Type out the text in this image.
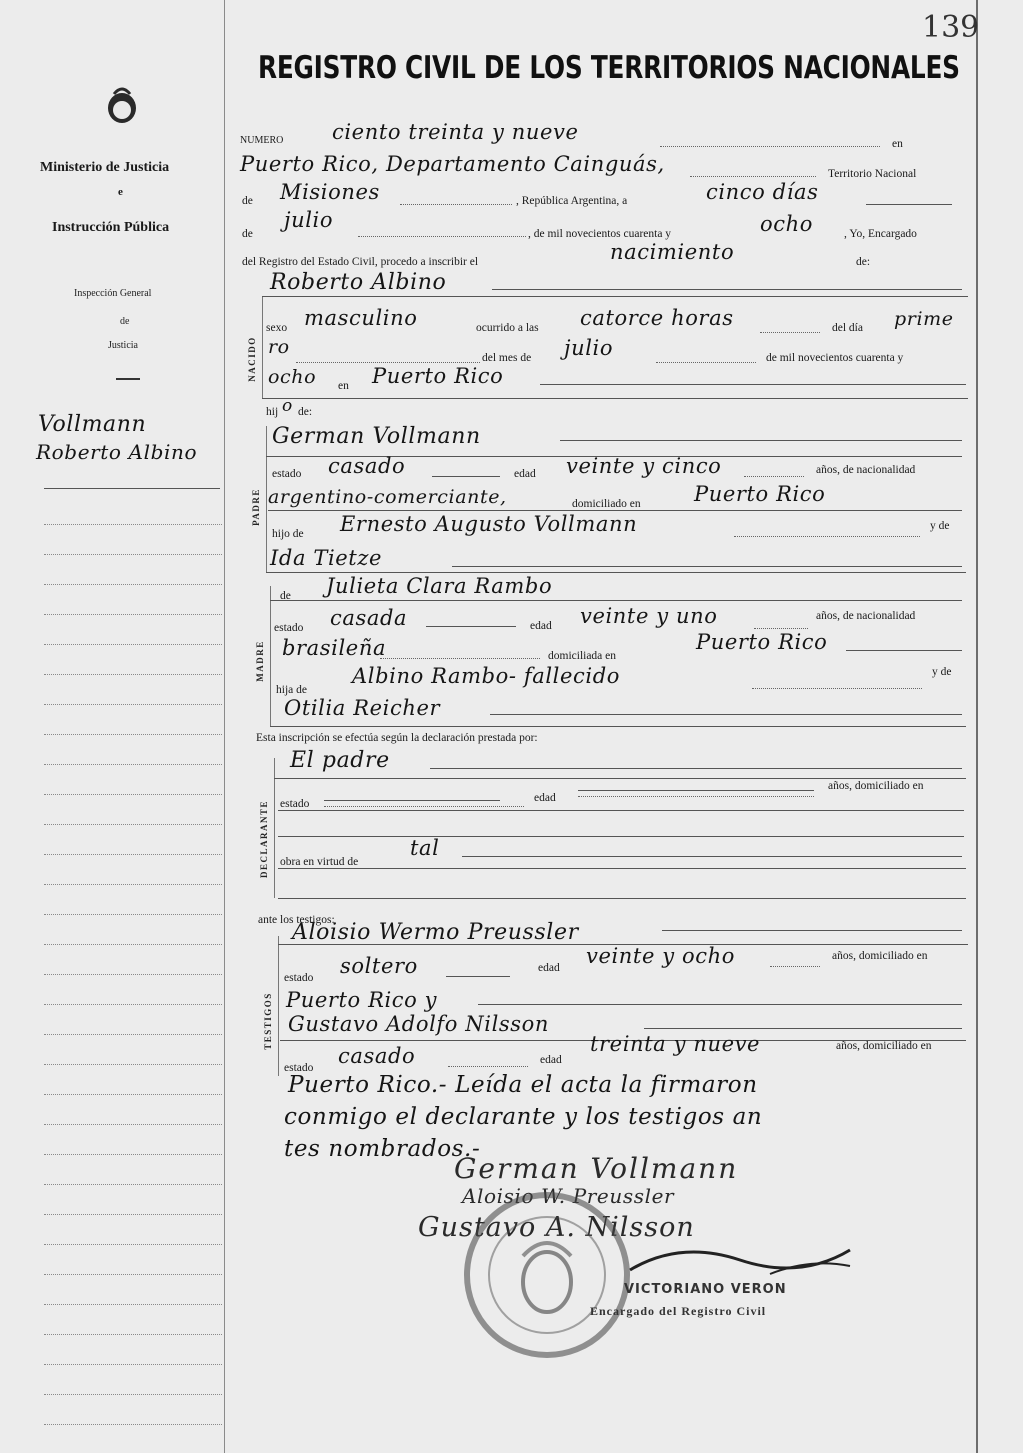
139
REGISTRO CIVIL DE LOS TERRITORIOS NACIONALES
Ministerio de Justicia
e
Instrucción Pública
Inspección General
de
Justicia
Vollmann
Roberto Albino
NUMERO ciento treinta y nueve	en
Puerto Rico, Departamento Cainguás,	Territorio Nacional
de Misiones	, República Argentina, a	cinco días
de
julio
, de mil novecientos cuarenta y	ocho	, Yo, Encargado
del Registro del Estado Civil, procedo a inscribir el	nacimiento	de:
NACIDO
Roberto Albino
sexo masculino	ocurrido a las catorce horas	del día prime
ro	del mes de julio	de mil novecientos cuarenta y
ocho en Puerto Rico
hij o de:
PADRE
German Vollmann
estado casado	edad veinte y cinco	años, de nacionalidad
argentino-comerciante,	domiciliado en	Puerto Rico
hijo de Ernesto Augusto Vollmann	y de
Ida Tietze
MADRE
de Julieta Clara Rambo
estado casada	edad veinte y uno	años, de nacionalidad
brasileña	domiciliada en
Puerto Rico
hija de
Albino Rambo- fallecido	y de
Otilia Reicher
Esta inscripción se efectúa según la declaración prestada por:
DECLARANTE
El padre
estado	edad
años, domiciliado en
obra en virtud de
tal
ante los testigos:
TESTIGOS
Aloisio Wermo Preussler
estado soltero	edad veinte y ocho	años, domiciliado en
Puerto Rico y
Gustavo Adolfo Nilsson
estado casado	edad
treinta y nueve	años, domiciliado en
Puerto Rico.- Leída el acta la firmaron
conmigo el declarante y los testigos an
tes nombrados.-
German Vollmann
Aloisio W. Preussler
Gustavo A. Nilsson
VICTORIANO VERON
Encargado del Registro Civil
